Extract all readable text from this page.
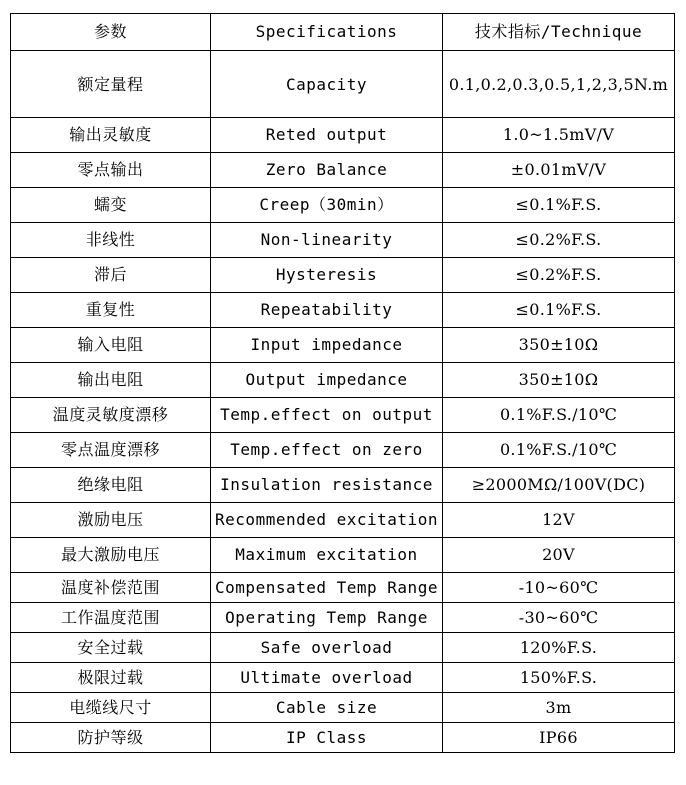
参数	Specifications	技术指标/Technique
额定量程	Capacity	0.1,0.2,0.3,0.5,1,2,3,5N.m
输出灵敏度	Reted output	1.0~1.5mV/V
零点输出	Zero Balance	±0.01mV/V
蠕变	Creep（30min）	≤0.1%F.S.
非线性	Non-linearity	≤0.2%F.S.
滞后	Hysteresis	≤0.2%F.S.
重复性	Repeatability	≤0.1%F.S.
输入电阻	Input impedance	350±10Ω
输出电阻	Output impedance	350±10Ω
温度灵敏度漂移	Temp.effect on output	0.1%F.S./10℃
零点温度漂移	Temp.effect on zero	0.1%F.S./10℃
绝缘电阻	Insulation resistance	≥2000MΩ/100V(DC)
激励电压	Recommended excitation	12V
最大激励电压	Maximum excitation	20V
温度补偿范围	Compensated Temp Range	-10~60℃
工作温度范围	Operating Temp Range	-30~60℃
安全过载	Safe overload	120%F.S.
极限过载	Ultimate overload	150%F.S.
电缆线尺寸	Cable size	3m
防护等级	IP Class	IP66
